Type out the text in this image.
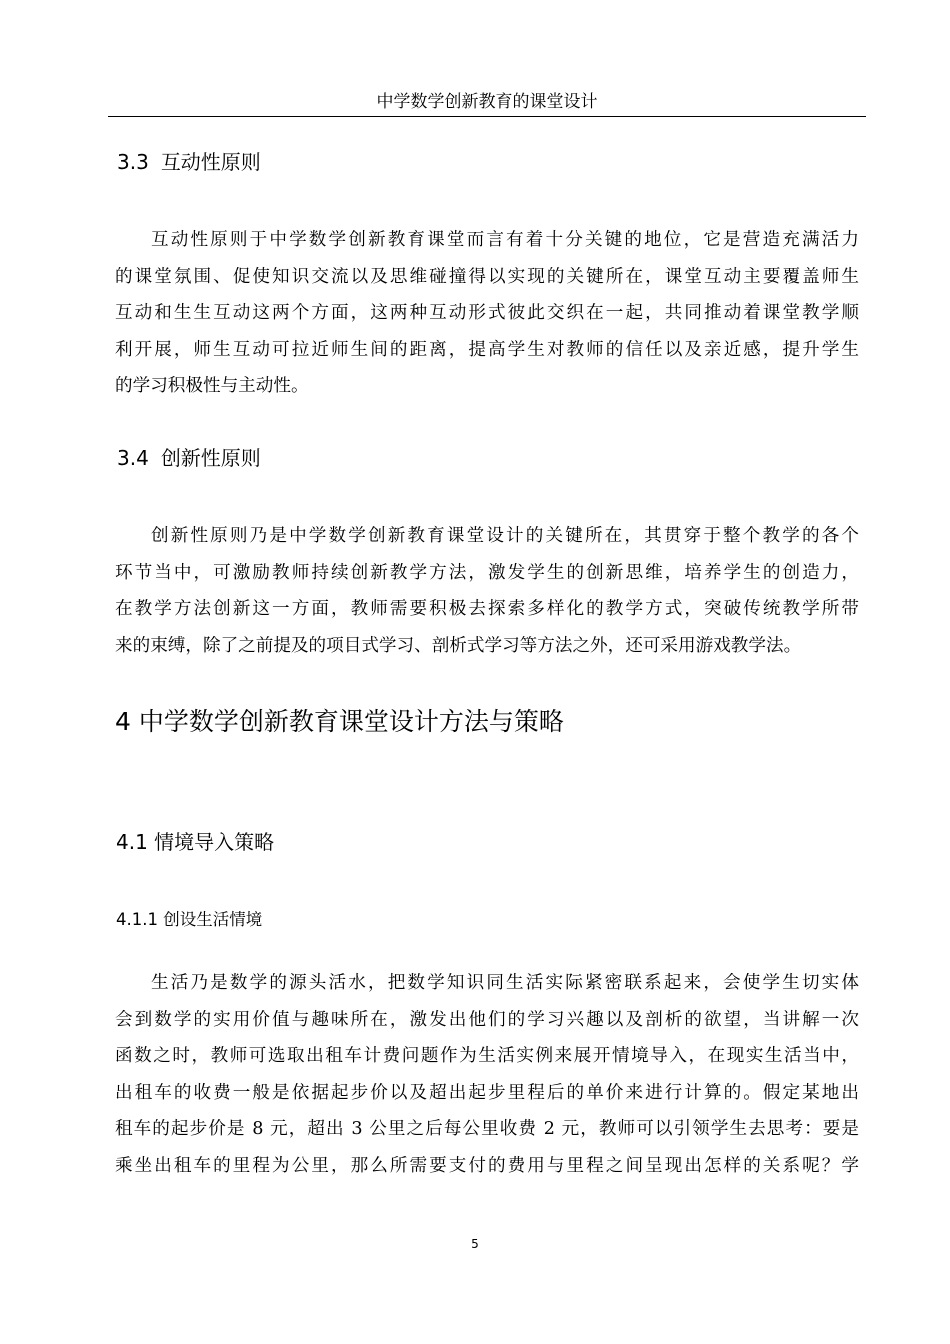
中学数学创新教育的课堂设计
3.3 互动性原则
互动性原则于中学数学创新教育课堂而言有着十分关键的地位，它是营造充满活力
的课堂氛围、促使知识交流以及思维碰撞得以实现的关键所在，课堂互动主要覆盖师生
互动和生生互动这两个方面，这两种互动形式彼此交织在一起，共同推动着课堂教学顺
利开展，师生互动可拉近师生间的距离，提高学生对教师的信任以及亲近感，提升学生
的学习积极性与主动性。
3.4 创新性原则
创新性原则乃是中学数学创新教育课堂设计的关键所在，其贯穿于整个教学的各个
环节当中，可激励教师持续创新教学方法，激发学生的创新思维，培养学生的创造力，
在教学方法创新这一方面，教师需要积极去探索多样化的教学方式，突破传统教学所带
来的束缚，除了之前提及的项目式学习、剖析式学习等方法之外，还可采用游戏教学法。
4 中学数学创新教育课堂设计方法与策略
4.1 情境导入策略
4.1.1 创设生活情境
生活乃是数学的源头活水，把数学知识同生活实际紧密联系起来，会使学生切实体
会到数学的实用价值与趣味所在，激发出他们的学习兴趣以及剖析的欲望，当讲解一次
函数之时，教师可选取出租车计费问题作为生活实例来展开情境导入，在现实生活当中，
出租车的收费一般是依据起步价以及超出起步里程后的单价来进行计算的。假定某地出
租车的起步价是 8 元，超出 3 公里之后每公里收费 2 元，教师可以引领学生去思考：要是
乘坐出租车的里程为公里，那么所需要支付的费用与里程之间呈现出怎样的关系呢？学
5
